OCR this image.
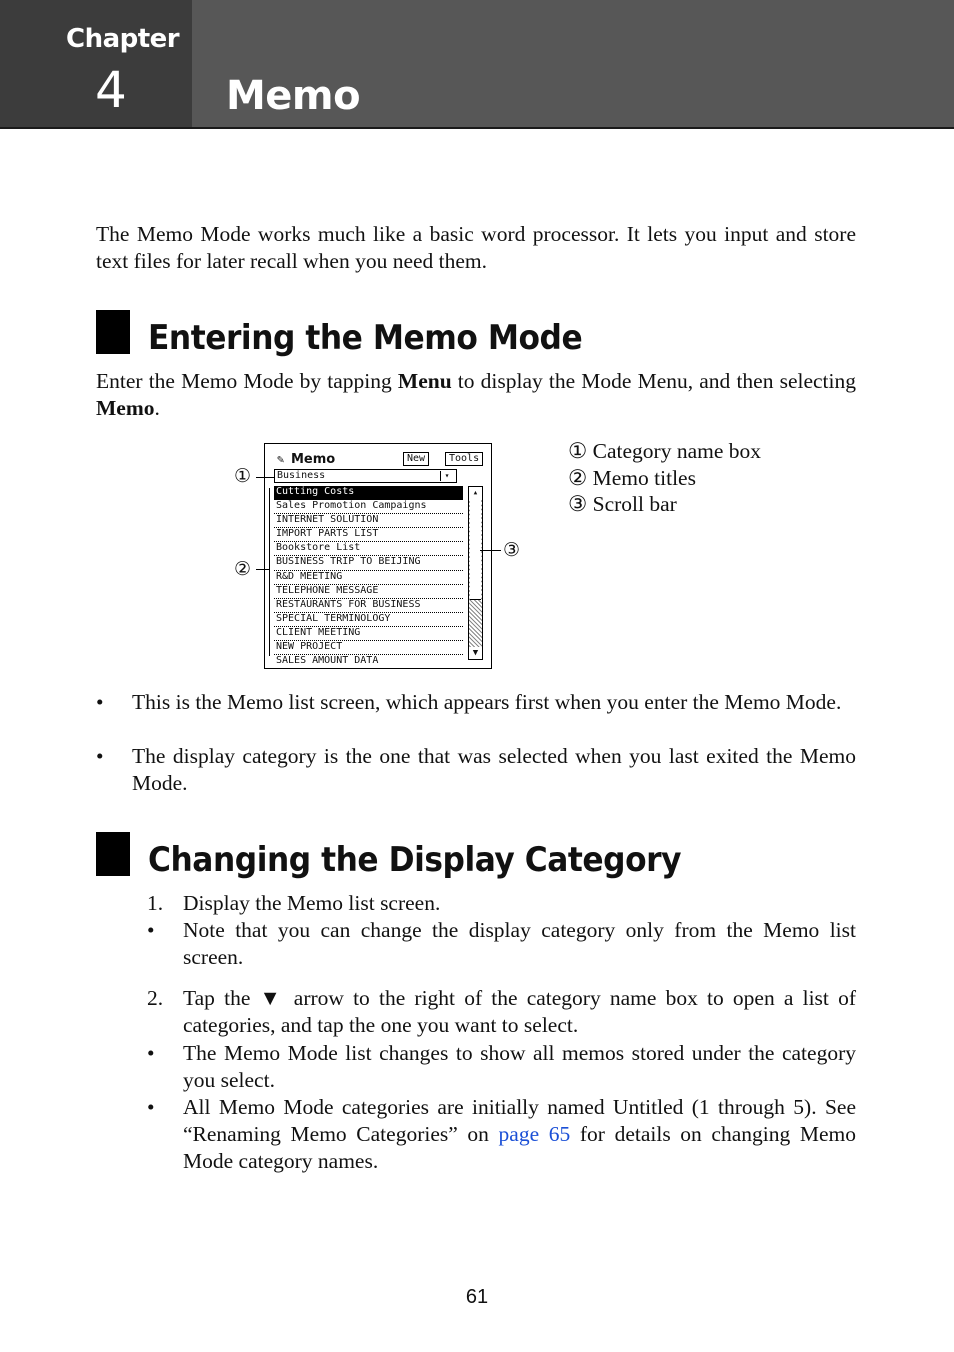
Chapter
4 Memo
The Memo Mode works much like a basic word processor. It lets you input and store text files for later recall when you need them.
Entering the Memo Mode
Enter the Memo Mode by tapping Menu to display the Mode Menu, and then selecting Memo.
✎ Memo	New	Tools
Business	▾
Cutting Costs
Sales Promotion Campaigns
INTERNET SOLUTION
IMPORT PARTS LIST
Bookstore List
BUSINESS TRIP TO BEIJING
R&D MEETING
TELEPHONE MESSAGE
RESTAURANTS FOR BUSINESS
SPECIAL TERMINOLOGY
CLIENT MEETING
NEW PROJECT
SALES AMOUNT DATA
▴
▼
①
②
③
① Category name box
② Memo titles
③ Scroll bar
• This is the Memo list screen, which appears first when you enter the Memo Mode.
• The display category is the one that was selected when you last exited the Memo Mode.
Changing the Display Category
1. Display the Memo list screen.
• Note that you can change the display category only from the Memo list screen.
2. Tap the ▼ arrow to the right of the category name box to open a list of categories, and tap the one you want to select.
• The Memo Mode list changes to show all memos stored under the category you select.
• All Memo Mode categories are initially named Untitled (1 through 5). See “Renaming Memo Categories” on page 65 for details on changing Memo Mode category names.
61
